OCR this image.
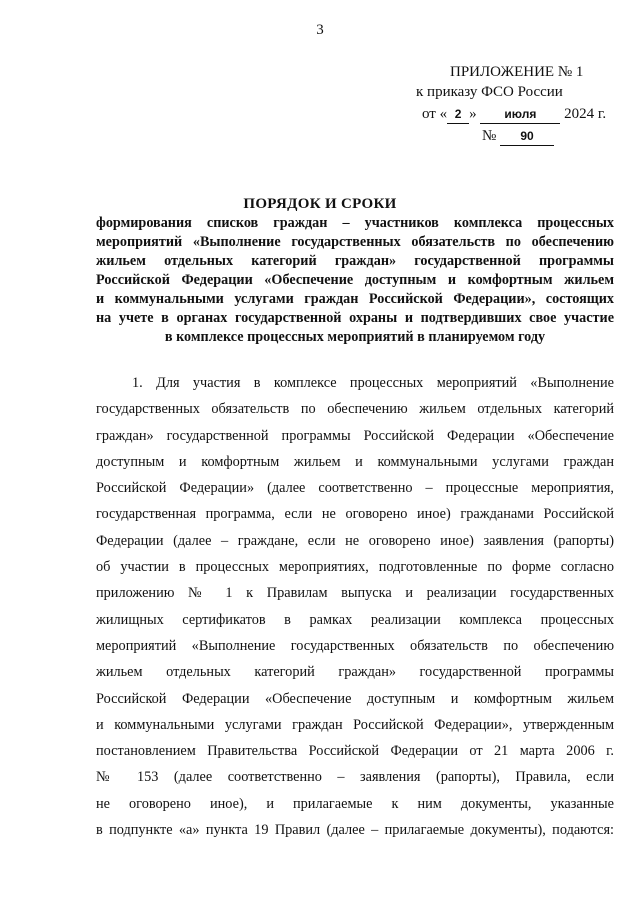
3
ПРИЛОЖЕНИЕ № 1
к приказу ФСО России
от « 2 » июля 2024 г.
№ 90
ПОРЯДОК И СРОКИ
формирования списков граждан – участников комплекса процессных
мероприятий «Выполнение государственных обязательств по обеспечению
жильем отдельных категорий граждан» государственной программы
Российской Федерации «Обеспечение доступным и комфортным жильем
и коммунальными услугами граждан Российской Федерации», состоящих
на учете в органах государственной охраны и подтвердивших свое участие
в комплексе процессных мероприятий в планируемом году
1. Для участия в комплексе процессных мероприятий «Выполнение
государственных обязательств по обеспечению жильем отдельных категорий
граждан» государственной программы Российской Федерации «Обеспечение
доступным и комфортным жильем и коммунальными услугами граждан
Российской Федерации» (далее соответственно – процессные мероприятия,
государственная программа, если не оговорено иное) гражданами Российской
Федерации (далее – граждане, если не оговорено иное) заявления (рапорты)
об участии в процессных мероприятиях, подготовленные по форме согласно
приложению № 1 к Правилам выпуска и реализации государственных
жилищных сертификатов в рамках реализации комплекса процессных
мероприятий «Выполнение государственных обязательств по обеспечению
жильем отдельных категорий граждан» государственной программы
Российской Федерации «Обеспечение доступным и комфортным жильем
и коммунальными услугами граждан Российской Федерации», утвержденным
постановлением Правительства Российской Федерации от 21 марта 2006 г.
№ 153 (далее соответственно – заявления (рапорты), Правила, если
не оговорено иное), и прилагаемые к ним документы, указанные
в подпункте «а» пункта 19 Правил (далее – прилагаемые документы), подаются:
